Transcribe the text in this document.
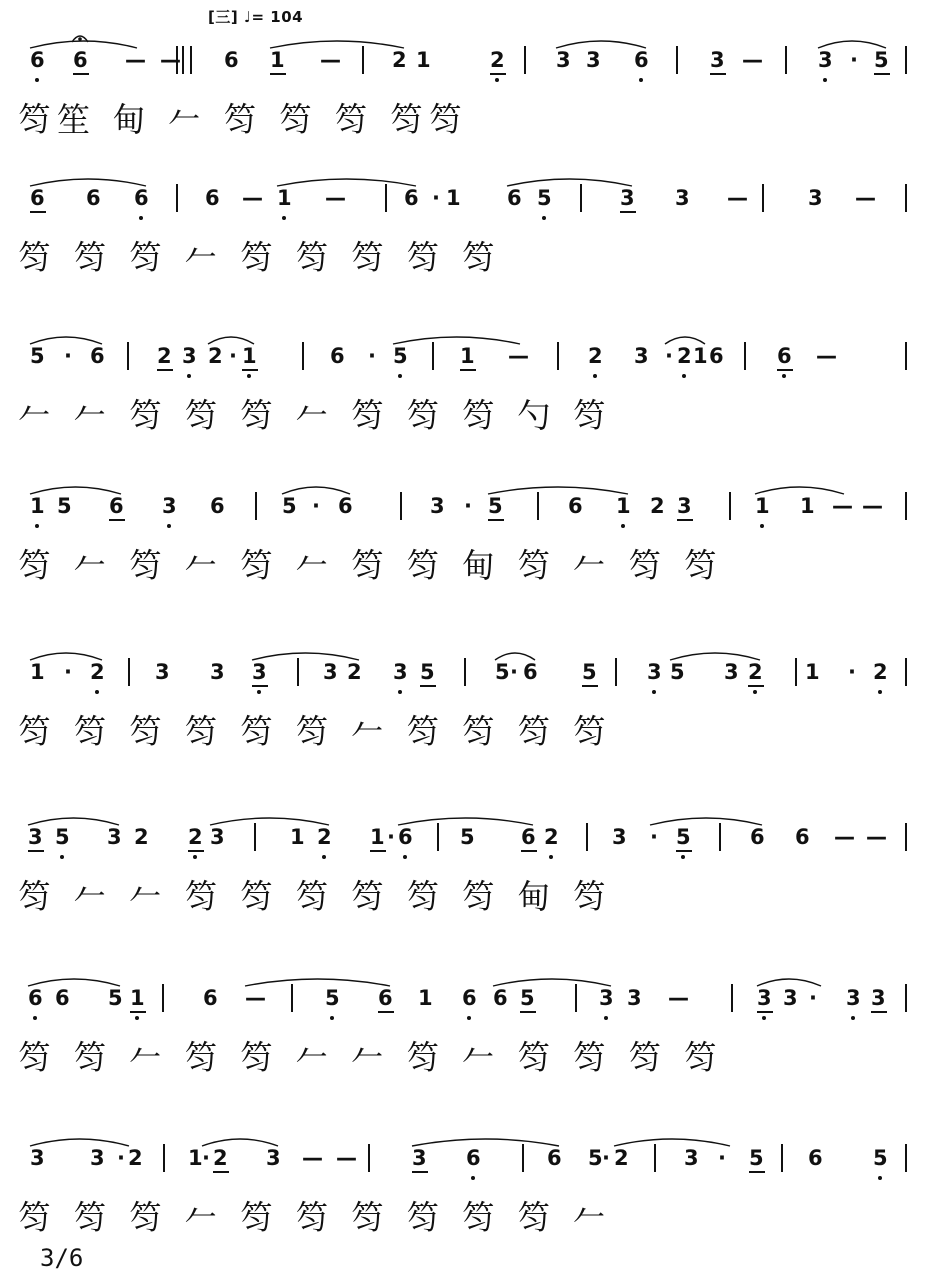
[三] ♩= 104
6 6 — — 6 1 — 2 1	2 3 3 6	3 —	3 · 5
笉笙 甸 𠂉 笉 笉 笉 笉笉
6 6 6	6 — 1 —	6 · 1 6 5	3 3 —	3 —
笉 笉 笉 𠂉 笉 笉 笉 笉 笉
5 · 6 2 3 2 · 1	6 · 5 1 —	2 3 · 2 1 6	6 —
𠂉 𠂉 笉 笉 笉 𠂉 笉 笉 笉 勺 笉
1 5 6 3 6	5 · 6	3 · 5	6 1 2 3	1 1 — —
笉 𠂉 笉 𠂉 笉 𠂉 笉 笉 甸 笉 𠂉 笉 笉
1 · 2 3 3 3	3 2 3 5	5 · 6 5 3 5 3 2 1 · 2
笉 笉 笉 笉 笉 笉 𠂉 笉 笉 笉 笉
3 5 3 2 2 3	1 2 1 · 6 5 6 2	3 · 5	6 6 — —
笉 𠂉 𠂉 笉 笉 笉 笉 笉 笉 甸 笉
6 6 5 1	6 —	5 6 1 6 6 5	3 3 —	3 3 · 3 3
笉 笉 𠂉 笉 笉 𠂉 𠂉 笉 𠂉 笉 笉 笉 笉
3 3 · 2 1 · 2 3 — —	3 6	6 5 · 2	3 · 5 6 5
笉 笉 笉 𠂉 笉 笉 笉 笉 笉 笉 𠂉
3/6
